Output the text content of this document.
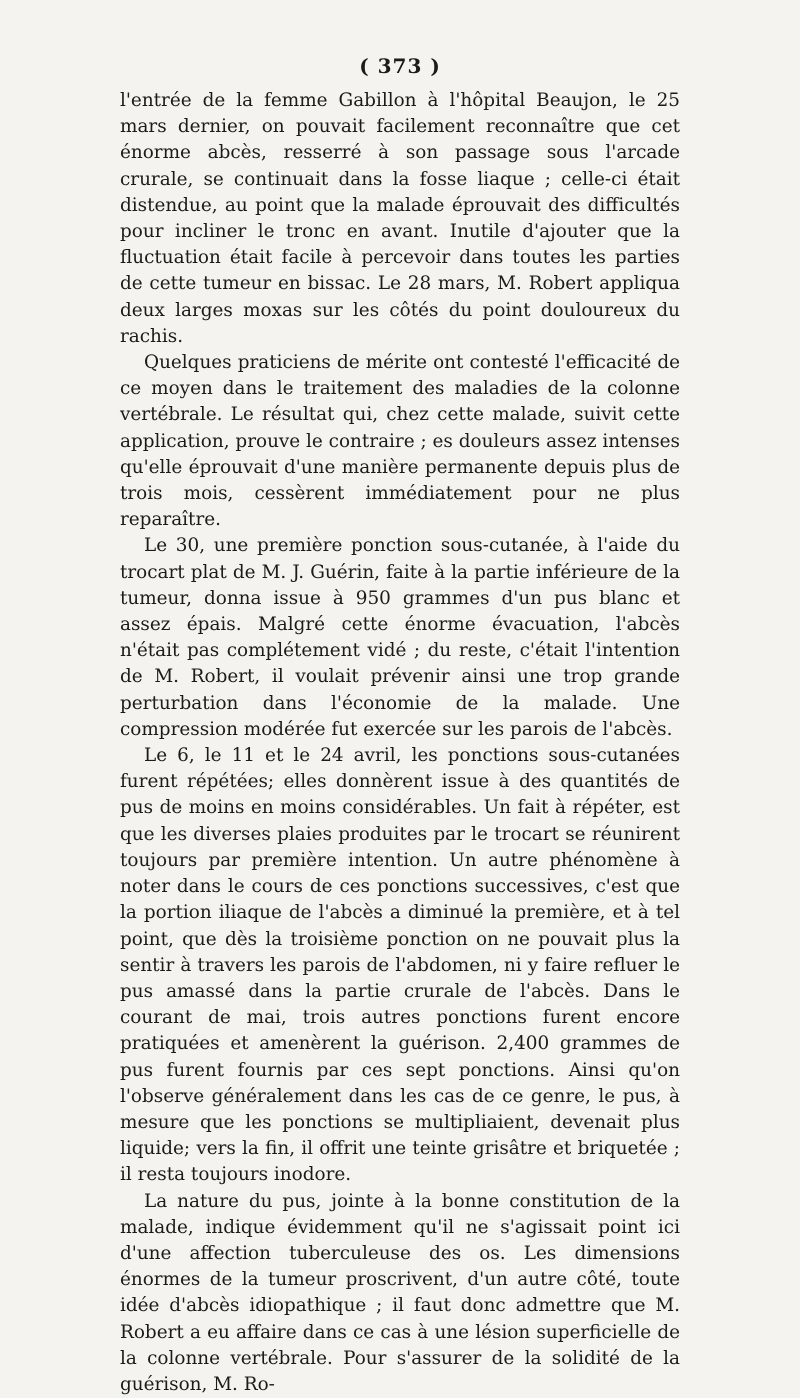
( 373 )

l'entrée de la femme Gabillon à l'hôpital Beaujon, le 25 mars dernier, on pouvait facilement reconnaître que cet énorme abcès, resserré à son passage sous l'arcade crurale, se continuait dans la fosse liaque ; celle-ci était distendue, au point que la malade éprouvait des difficultés pour incliner le tronc en avant. Inutile d'ajouter que la fluctuation était facile à percevoir dans toutes les parties de cette tumeur en bissac. Le 28 mars, M. Robert appliqua deux larges moxas sur les côtés du point douloureux du rachis.

Quelques praticiens de mérite ont contesté l'efficacité de ce moyen dans le traitement des maladies de la colonne vertébrale. Le résultat qui, chez cette malade, suivit cette application, prouve le contraire ; es douleurs assez intenses qu'elle éprouvait d'une manière permanente depuis plus de trois mois, cessèrent immédiatement pour ne plus reparaître.

Le 30, une première ponction sous-cutanée, à l'aide du trocart plat de M. J. Guérin, faite à la partie inférieure de la tumeur, donna issue à 950 grammes d'un pus blanc et assez épais. Malgré cette énorme évacuation, l'abcès n'était pas complétement vidé ; du reste, c'était l'intention de M. Robert, il voulait prévenir ainsi une trop grande perturbation dans l'économie de la malade. Une compression modérée fut exercée sur les parois de l'abcès.

Le 6, le 11 et le 24 avril, les ponctions sous-cutanées furent répétées; elles donnèrent issue à des quantités de pus de moins en moins considérables. Un fait à répéter, est que les diverses plaies produites par le trocart se réunirent toujours par première intention. Un autre phénomène à noter dans le cours de ces ponctions successives, c'est que la portion iliaque de l'abcès a diminué la première, et à tel point, que dès la troisième ponction on ne pouvait plus la sentir à travers les parois de l'abdomen, ni y faire refluer le pus amassé dans la partie crurale de l'abcès. Dans le courant de mai, trois autres ponctions furent encore pratiquées et amenèrent la guérison. 2,400 grammes de pus furent fournis par ces sept ponctions. Ainsi qu'on l'observe généralement dans les cas de ce genre, le pus, à mesure que les ponctions se multipliaient, devenait plus liquide; vers la fin, il offrit une teinte grisâtre et briquetée ; il resta toujours inodore.

La nature du pus, jointe à la bonne constitution de la malade, indique évidemment qu'il ne s'agissait point ici d'une affection tuberculeuse des os. Les dimensions énormes de la tumeur proscrivent, d'un autre côté, toute idée d'abcès idiopathique ; il faut donc admettre que M. Robert a eu affaire dans ce cas à une lésion superficielle de la colonne vertébrale. Pour s'assurer de la solidité de la guérison, M. Ro-
